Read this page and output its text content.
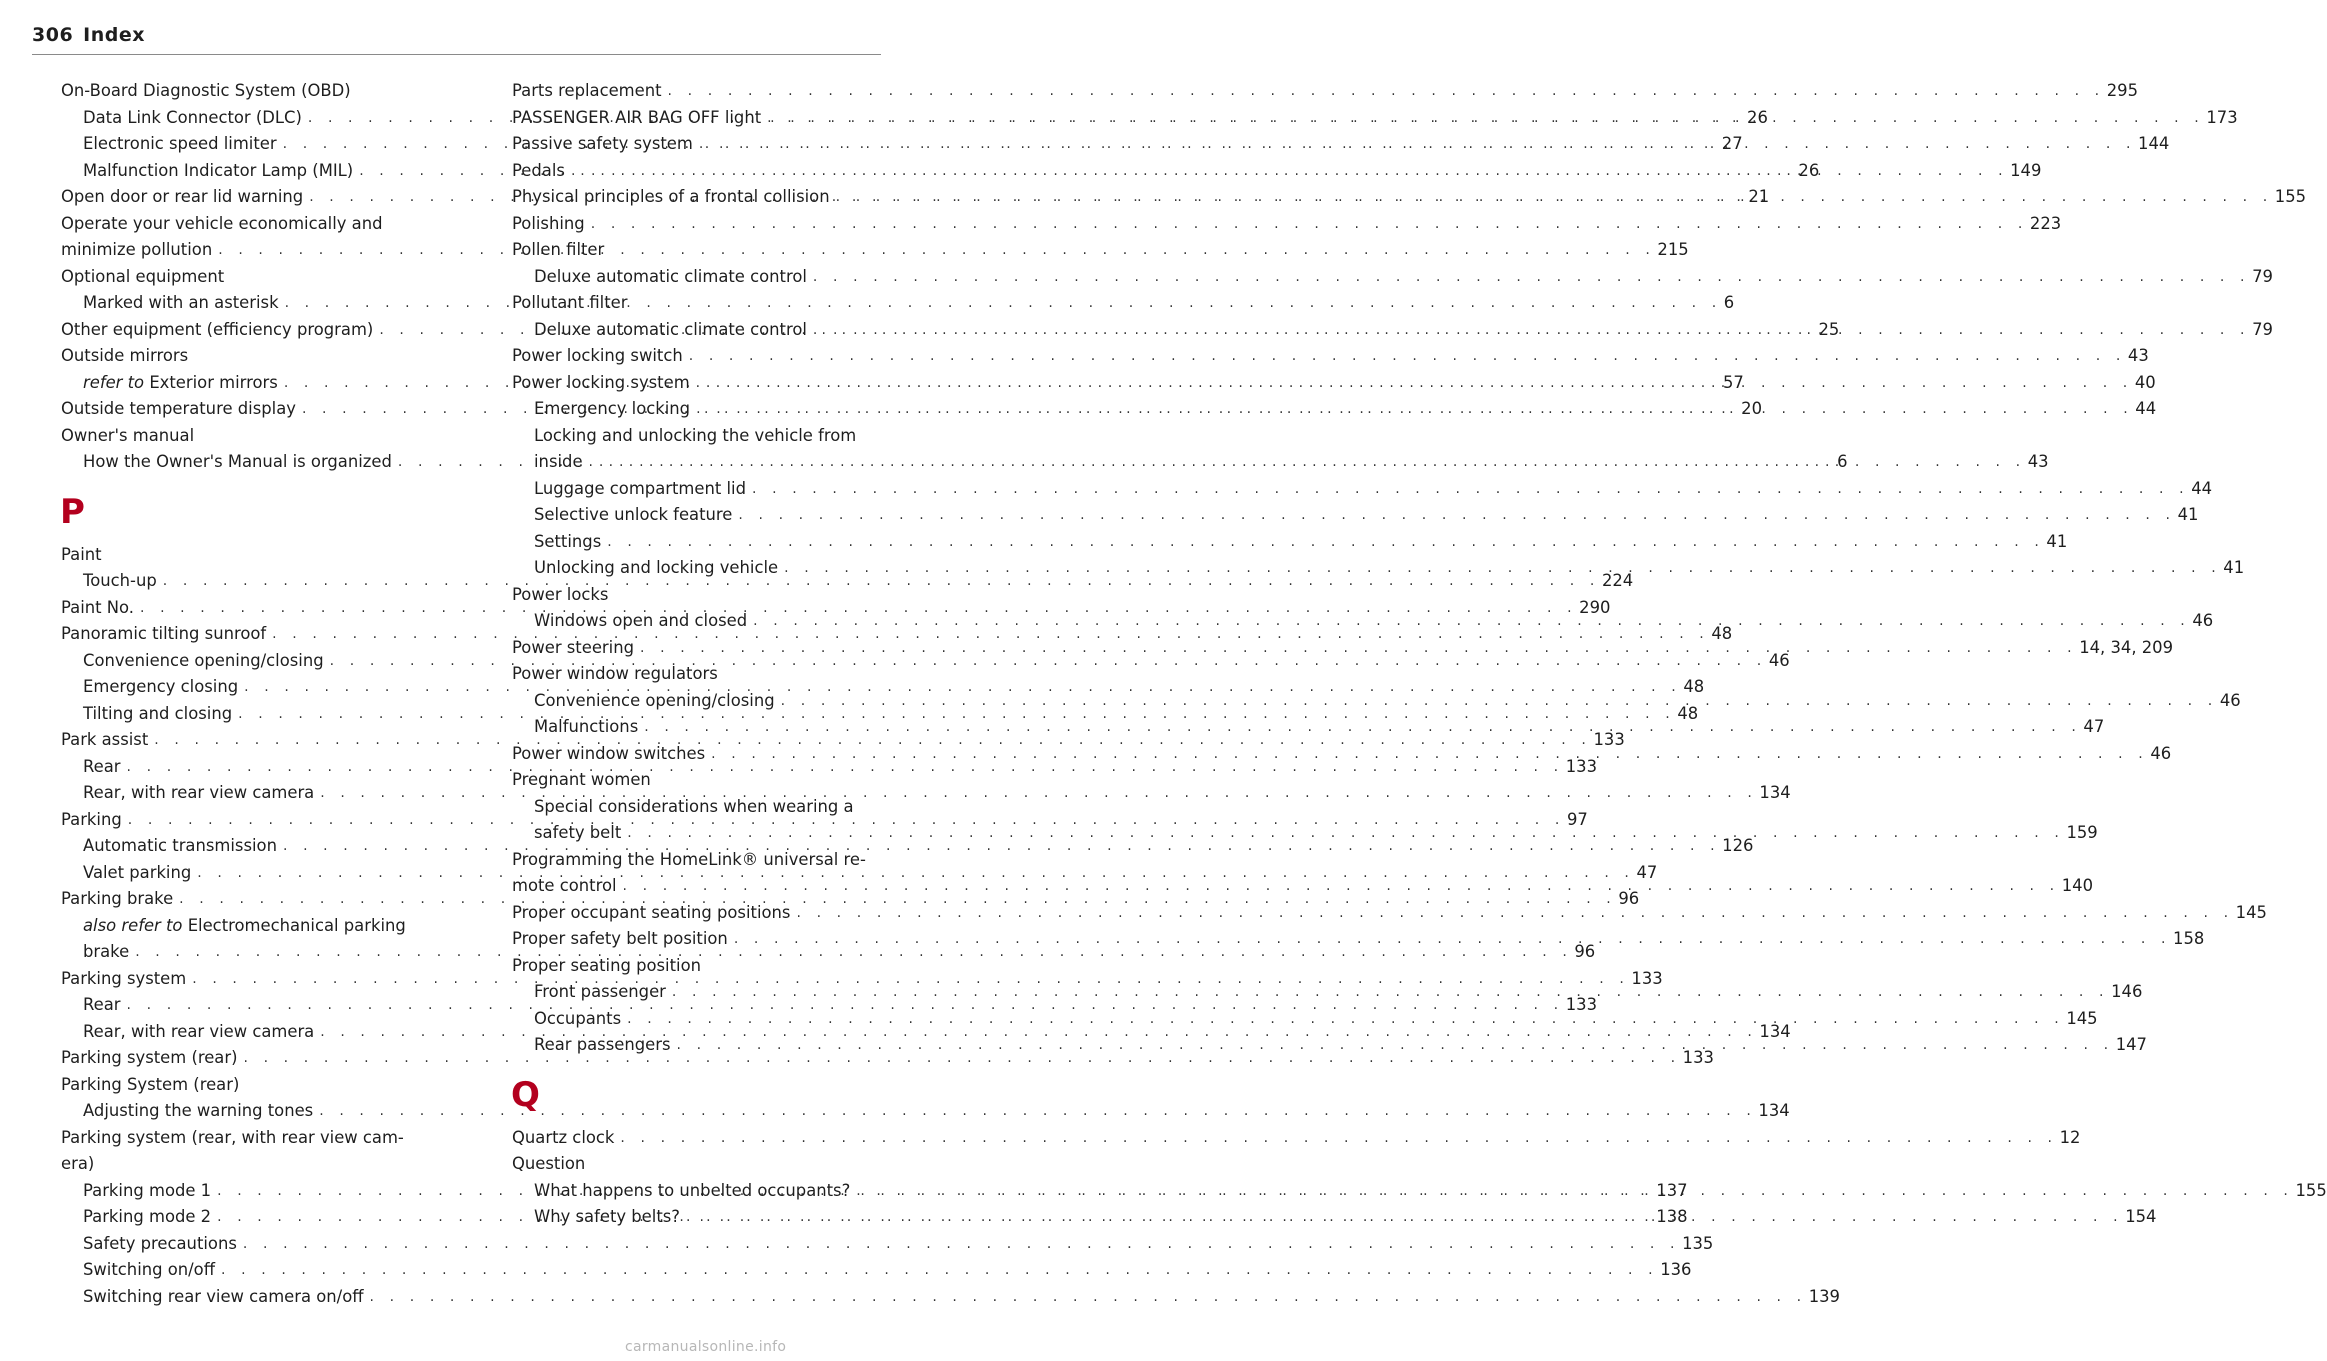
306 Index
On-Board Diagnostic System (OBD)
Data Link Connector (DLC) . . .	26
Electronic speed limiter . . .	27
Malfunction Indicator Lamp (MIL) . . .	26
Open door or rear lid warning . . .	21
Operate your vehicle economically and
minimize pollution . . .	215
Optional equipment
Marked with an asterisk . . .	6
Other equipment (efficiency program) . . .	25
Outside mirrors
refer to Exterior mirrors . . .	57
Outside temperature display . . .	20
Owner's manual
How the Owner's Manual is organized . . .	6
P
Paint
Touch-up . . .	224
Paint No. . . .	290
Panoramic tilting sunroof . . .	48
Convenience opening/closing . . .	46
Emergency closing . . .	48
Tilting and closing . . .	48
Park assist . . .	133
Rear . . .	133
Rear, with rear view camera . . .	134
Parking . . .	97
Automatic transmission . . .	126
Valet parking . . .	47
Parking brake . . .	96
also refer to Electromechanical parking
brake . . .	96
Parking system . . .	133
Rear . . .	133
Rear, with rear view camera . . .	134
Parking system (rear) . . .	133
Parking System (rear)
Adjusting the warning tones . . .	134
Parking system (rear, with rear view cam-
era)
Parking mode 1 . . .	137
Parking mode 2 . . .	138
Safety precautions . . .	135
Switching on/off . . .	136
Switching rear view camera on/off . . .	139
Parts replacement . . .	295
PASSENGER AIR BAG OFF light . . .	173
Passive safety system . . .	144
Pedals . . .	149
Physical principles of a frontal collision . . .	155
Polishing . . .	223
Pollen filter
Deluxe automatic climate control . . .	79
Pollutant filter
Deluxe automatic climate control . . .	79
Power locking switch . . .	43
Power locking system . . .	40
Emergency locking . . .	44
Locking and unlocking the vehicle from
inside . . .	43
Luggage compartment lid . . .	44
Selective unlock feature . . .	41
Settings . . .	41
Unlocking and locking vehicle . . .	41
Power locks
Windows open and closed . . .	46
Power steering . . .	14, 34, 209
Power window regulators
Convenience opening/closing . . .	46
Malfunctions . . .	47
Power window switches . . .	46
Pregnant women
Special considerations when wearing a
safety belt . . .	159
Programming the HomeLink® universal re-
mote control . . .	140
Proper occupant seating positions . . .	145
Proper safety belt position . . .	158
Proper seating position
Front passenger . . .	146
Occupants . . .	145
Rear passengers . . .	147
Q
Quartz clock . . .	12
Question
What happens to unbelted occupants? . . .	155
Why safety belts? . . .	154
carmanualsonline.info
